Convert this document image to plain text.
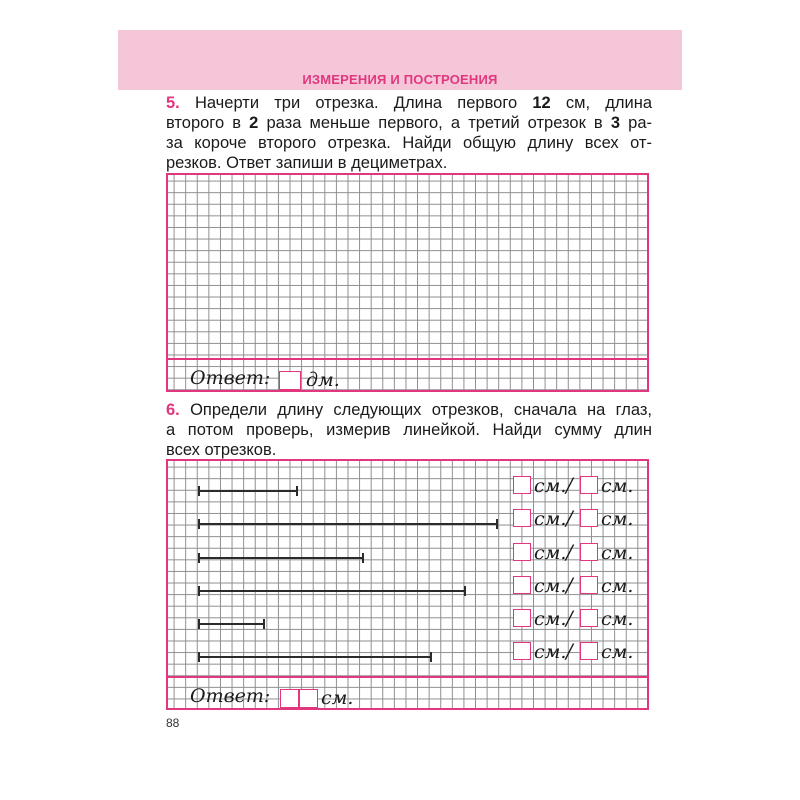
ИЗМЕРЕНИЯ И ПОСТРОЕНИЯ
5. Начерти три отрезка. Длина первого 12 см, длина
второго в 2 раза меньше первого, а третий отрезок в 3 ра-
за короче второго отрезка. Найди общую длину всех от-
резков. Ответ запиши в дециметрах.
Ответ: дм.
6. Определи длину следующих отрезков, сначала на глаз,
а потом проверь, измерив линейкой. Найди сумму длин
всех отрезков.
см. / см.
см. / см.
см. / см.
см. / см.
см. / см.
см. / см.
Ответ:	см.
88
